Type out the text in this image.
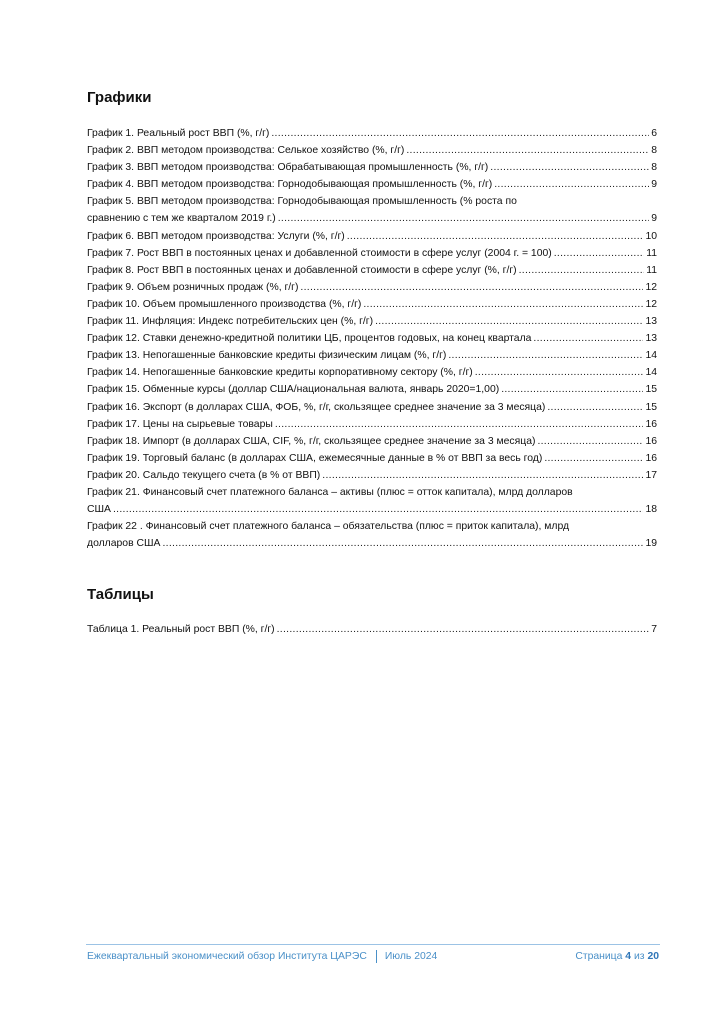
Графики
График 1. Реальный рост ВВП (%, г/г) .....	6
График 2. ВВП методом производства: Селькое хозяйство (%, г/г) .....	8
График 3. ВВП методом производства: Обрабатывающая промышленность (%, г/г) .....	8
График 4. ВВП методом производства: Горнодобывающая промышленность (%, г/г) .....	9
График 5. ВВП методом производства: Горнодобывающая промышленность (% роста по
сравнению с тем же кварталом 2019 г.) .....	9
График 6. ВВП методом производства: Услуги (%, г/г) .....	10
График 7. Рост ВВП в постоянных ценах и добавленной стоимости в сфере услуг (2004 г. = 100) .....	11
График 8. Рост ВВП в постоянных ценах и добавленной стоимости в сфере услуг (%, г/г) .....	11
График 9. Объем розничных продаж (%, г/г) .....	12
График 10. Объем промышленного производства (%, г/г) .....	12
График 11. Инфляция: Индекс потребительских цен (%, г/г) .....	13
График 12. Ставки денежно-кредитной политики ЦБ, процентов годовых, на конец квартала .....	13
График 13. Непогашенные банковские кредиты физическим лицам (%, г/г) .....	14
График 14. Непогашенные банковские кредиты корпоративному сектору (%, г/г) .....	14
График 15. Обменные курсы (доллар США/национальная валюта, январь 2020=1,00) .....	15
График 16. Экспорт (в долларах США, ФОБ, %, г/г, скользящее среднее значение за 3 месяца) .....	15
График 17. Цены на сырьевые товары .....	16
График 18. Импорт (в долларах США, CIF, %, г/г, скользящее среднее значение за 3 месяца) .....	16
График 19. Торговый баланс (в долларах США, ежемесячные данные в % от ВВП за весь год) .....	16
График 20. Сальдо текущего счета (в % от ВВП) .....	17
График 21. Финансовый счет платежного баланса – активы (плюс = отток капитала), млрд долларов
США .....	18
График 22 . Финансовый счет платежного баланса – обязательства (плюс = приток капитала), млрд
долларов США .....	19
Таблицы
Таблица 1. Реальный рост ВВП (%, г/г) .....	7
Ежеквартальный экономический обзор Института ЦАРЭС Июль 2024	Страница 4 из 20
